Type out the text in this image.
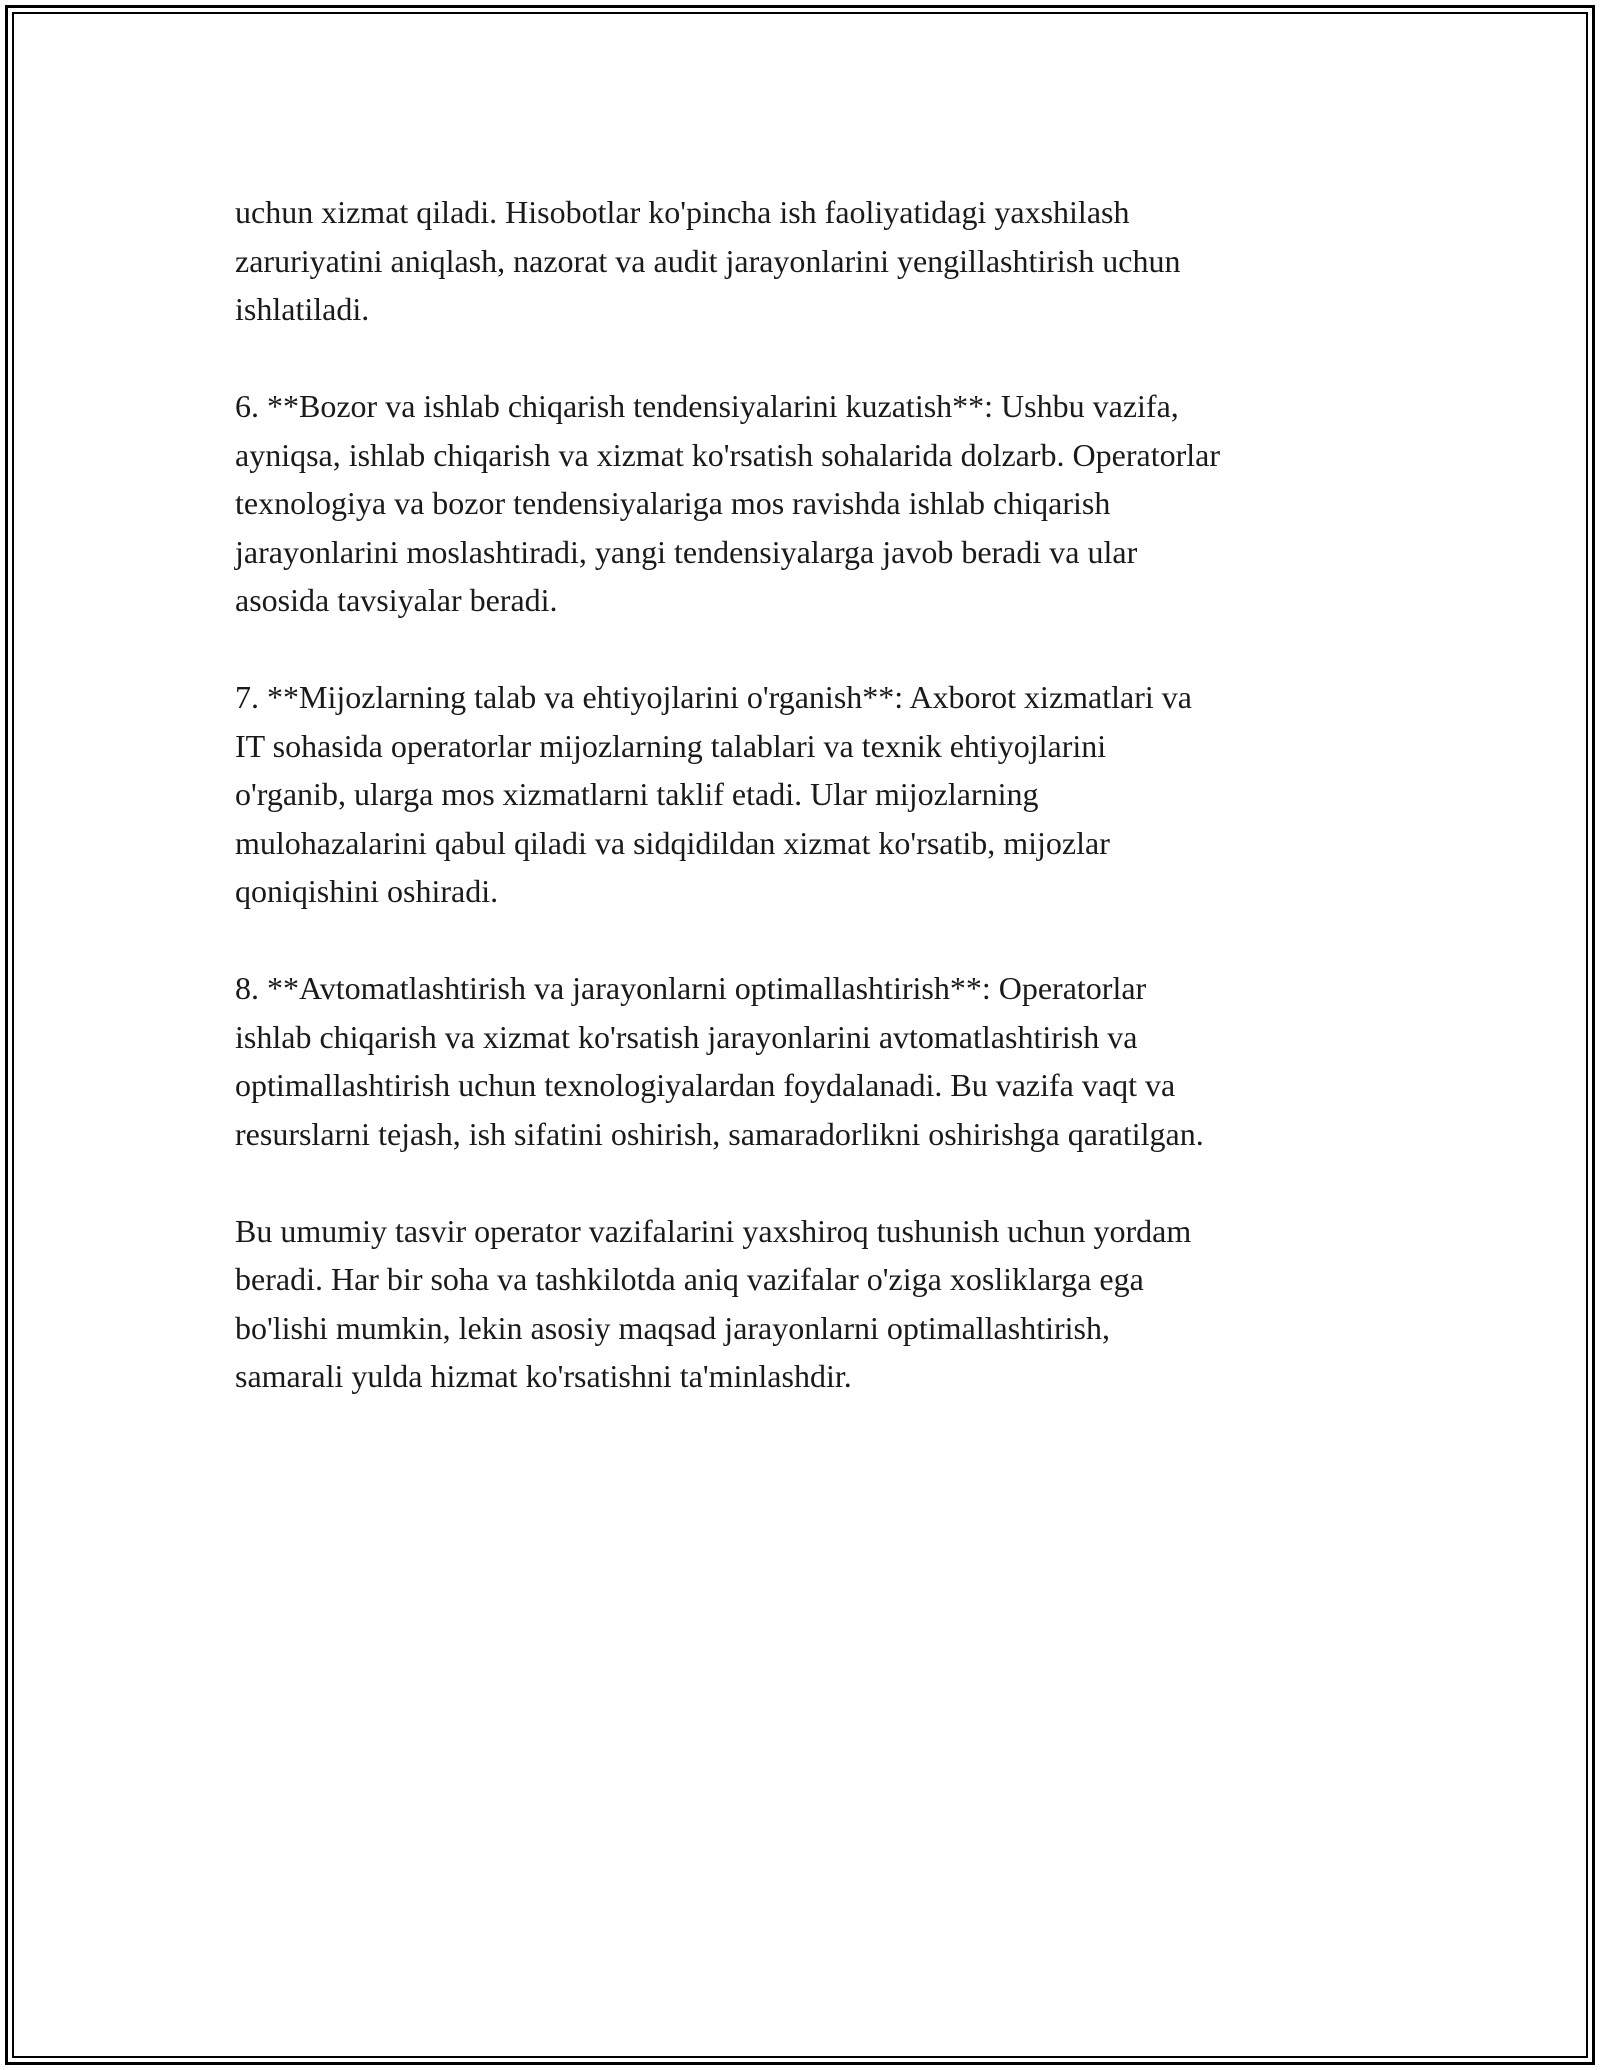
uchun xizmat qiladi. Hisobotlar ko'pincha ish faoliyatidagi yaxshilash
zaruriyatini aniqlash, nazorat va audit jarayonlarini yengillashtirish uchun
ishlatiladi.

6. **Bozor va ishlab chiqarish tendensiyalarini kuzatish**: Ushbu vazifa,
ayniqsa, ishlab chiqarish va xizmat ko'rsatish sohalarida dolzarb. Operatorlar
texnologiya va bozor tendensiyalariga mos ravishda ishlab chiqarish
jarayonlarini moslashtiradi, yangi tendensiyalarga javob beradi va ular
asosida tavsiyalar beradi.

7. **Mijozlarning talab va ehtiyojlarini o'rganish**: Axborot xizmatlari va
IT sohasida operatorlar mijozlarning talablari va texnik ehtiyojlarini
o'rganib, ularga mos xizmatlarni taklif etadi. Ular mijozlarning
mulohazalarini qabul qiladi va sidqidildan xizmat ko'rsatib, mijozlar
qoniqishini oshiradi.

8. **Avtomatlashtirish va jarayonlarni optimallashtirish**: Operatorlar
ishlab chiqarish va xizmat ko'rsatish jarayonlarini avtomatlashtirish va
optimallashtirish uchun texnologiyalardan foydalanadi. Bu vazifa vaqt va
resurslarni tejash, ish sifatini oshirish, samaradorlikni oshirishga qaratilgan.

Bu umumiy tasvir operator vazifalarini yaxshiroq tushunish uchun yordam
beradi. Har bir soha va tashkilotda aniq vazifalar o'ziga xosliklarga ega
bo'lishi mumkin, lekin asosiy maqsad jarayonlarni optimallashtirish,
samarali yulda hizmat ko'rsatishni ta'minlashdir.
